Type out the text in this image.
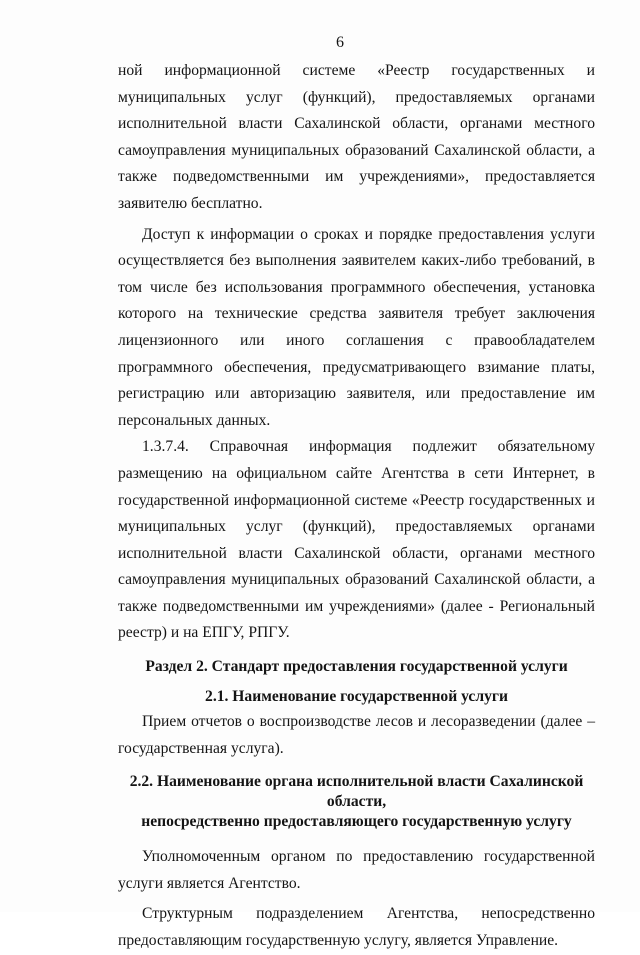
6

ной информационной системе «Реестр государственных и муниципальных услуг (функций), предоставляемых органами исполнительной власти Сахалинской области, органами местного самоуправления муниципальных образований Сахалинской области, а также подведомственными им учреждениями», предоставляется заявителю бесплатно.

Доступ к информации о сроках и порядке предоставления услуги осуществляется без выполнения заявителем каких-либо требований, в том числе без использования программного обеспечения, установка которого на технические средства заявителя требует заключения лицензионного или иного соглашения с правообладателем программного обеспечения, предусматривающего взимание платы, регистрацию или авторизацию заявителя, или предоставление им персональных данных.

1.3.7.4. Справочная информация подлежит обязательному размещению на официальном сайте Агентства в сети Интернет, в государственной информационной системе «Реестр государственных и муниципальных услуг (функций), предоставляемых органами исполнительной власти Сахалинской области, органами местного самоуправления муниципальных образований Сахалинской области, а также подведомственными им учреждениями» (далее - Региональный реестр) и на ЕПГУ, РПГУ.

Раздел 2. Стандарт предоставления государственной услуги

2.1. Наименование государственной услуги

Прием отчетов о воспроизводстве лесов и лесоразведении (далее – государственная услуга).

2.2. Наименование органа исполнительной власти Сахалинской области,
непосредственно предоставляющего государственную услугу

Уполномоченным органом по предоставлению государственной услуги является Агентство.

Структурным подразделением Агентства, непосредственно предоставляющим государственную услугу, является Управление.
